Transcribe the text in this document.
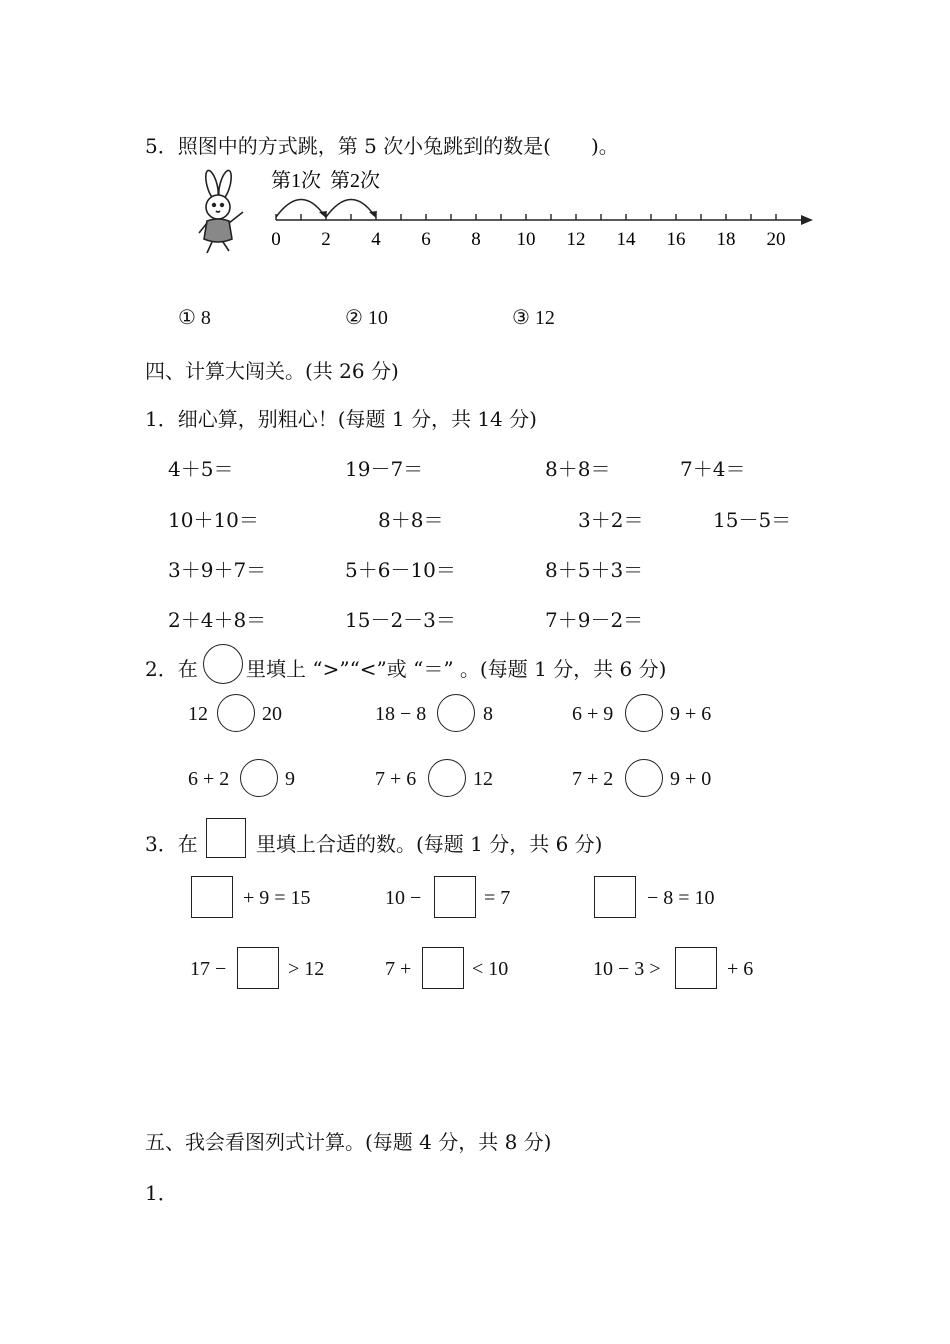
5．照图中的方式跳，第 5 次小兔跳到的数是(　　)。
0 2 4 6 8 10 12 14 16 18 20
第1次 第2次
① 8	② 10	③ 12
四、计算大闯关。(共 26 分)
1．细心算，别粗心！(每题 1 分，共 14 分)
4＋5＝	19－7＝	8＋8＝	7＋4＝
10＋10＝	8＋8＝	3＋2＝	15－5＝
3＋9＋7＝	5＋6－10＝	8＋5＋3＝
2＋4＋8＝	15－2－3＝	7＋9－2＝
2．在 里填上 “>”“<”或 “＝” 。(每题 1 分，共 6 分)
12	20	18 − 8	8	6 + 9	9 + 6
6 + 2	9	7 + 6	12	7 + 2	9 + 0
3．在	里填上合适的数。(每题 1 分，共 6 分)
+ 9 = 15	10 −	= 7	− 8 = 10
17 −	> 12	7 +	< 10	10 − 3 >	+ 6
五、我会看图列式计算。(每题 4 分，共 8 分)
1．
